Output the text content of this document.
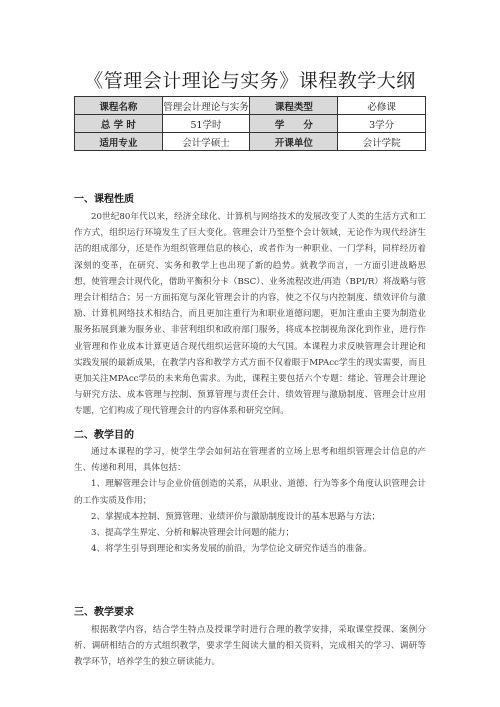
《管理会计理论与实务》课程教学大纲
课程名称	管理会计理论与实务	课程类型	必修课
总 学 时	51学时	学　　分	3学分
适用专业	会计学硕士	开课单位	会计学院
一、课程性质

20世纪80年代以来，经济全球化、计算机与网络技术的发展改变了人类的生活方式和工作方式，组织运行环境发生了巨大变化。管理会计乃至整个会计领域，无论作为现代经济生活的组成部分，还是作为组织管理信息的核心，或者作为一种职业、一门学科，同样经历着深刻的变革，在研究、实务和教学上也出现了新的趋势。就教学而言，一方面引进战略思想，使管理会计现代化，借助平衡积分卡（BSC）、业务流程改进/再造（BPI/R）将战略与管理会计相结合；另一方面拓宽与深化管理会计的内容，使之不仅与内控制度、绩效评价与激励、计算机网络技术相结合，而且更加注重行为和职业道德问题，更加注重由主要为制造业服务拓展到兼为服务业、非营利组织和政府部门服务，将成本控制视角深化到作业，进行作业管理和作业成本计算更适合现代组织运营环境的大气国。本课程力求反映管理会计理论和实践发展的最新成果，在教学内容和教学方式方面不仅着眼于MPAcc学生的现实需要，而且更加关注MPAcc学员的未来角色需求。为此，课程主要包括六个专题：绪论、管理会计理论与研究方法、成本管理与控制、预算管理与责任会计、绩效管理与激励制度、管理会计应用专题，它们构成了现代管理会计的内容体系和研究空间。

二、教学目的

通过本课程的学习，使学生学会如何站在管理者的立场上思考和组织管理会计信息的产生、传递和利用，具体包括：

1、理解管理会计与企业价值创造的关系，从职业、道德、行为等多个角度认识管理会计的工作实质及作用；

2、掌握成本控制、预算管理、业绩评价与激励制度设计的基本思路与方法；

3、提高学生界定、分析和解决管理会计问题的能力；

4、将学生引导到理论和实务发展的前沿，为学位论文研究作适当的准备。

三、教学要求

根据教学内容，结合学生特点及授课学时进行合理的教学安排，采取课堂授课、案例分析、调研相结合的方式组织教学，要求学生阅读大量的相关资料，完成相关的学习、调研等教学环节，培养学生的独立研读能力。
